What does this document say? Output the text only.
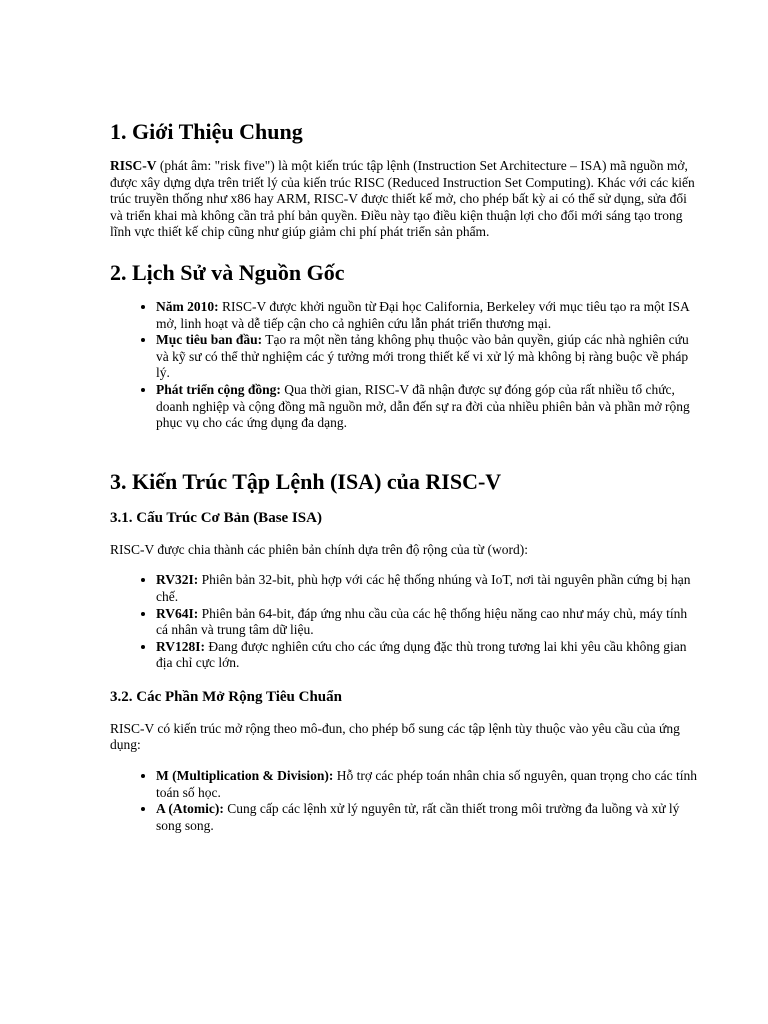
1. Giới Thiệu Chung

RISC-V (phát âm: "risk five") là một kiến trúc tập lệnh (Instruction Set Architecture – ISA) mã nguồn mở, được xây dựng dựa trên triết lý của kiến trúc RISC (Reduced Instruction Set Computing). Khác với các kiến trúc truyền thống như x86 hay ARM, RISC-V được thiết kế mở, cho phép bất kỳ ai có thể sử dụng, sửa đổi và triển khai mà không cần trả phí bản quyền. Điều này tạo điều kiện thuận lợi cho đổi mới sáng tạo trong lĩnh vực thiết kế chip cũng như giúp giảm chi phí phát triển sản phẩm.

2. Lịch Sử và Nguồn Gốc
• Năm 2010: RISC-V được khởi nguồn từ Đại học California, Berkeley với mục tiêu tạo ra một ISA mở, linh hoạt và dễ tiếp cận cho cả nghiên cứu lẫn phát triển thương mại.
• Mục tiêu ban đầu: Tạo ra một nền tảng không phụ thuộc vào bản quyền, giúp các nhà nghiên cứu và kỹ sư có thể thử nghiệm các ý tưởng mới trong thiết kế vi xử lý mà không bị ràng buộc về pháp lý.
• Phát triển cộng đồng: Qua thời gian, RISC-V đã nhận được sự đóng góp của rất nhiều tổ chức, doanh nghiệp và cộng đồng mã nguồn mở, dẫn đến sự ra đời của nhiều phiên bản và phần mở rộng phục vụ cho các ứng dụng đa dạng.
3. Kiến Trúc Tập Lệnh (ISA) của RISC-V
3.1. Cấu Trúc Cơ Bản (Base ISA)

RISC-V được chia thành các phiên bản chính dựa trên độ rộng của từ (word):

• RV32I: Phiên bản 32-bit, phù hợp với các hệ thống nhúng và IoT, nơi tài nguyên phần cứng bị hạn chế.
• RV64I: Phiên bản 64-bit, đáp ứng nhu cầu của các hệ thống hiệu năng cao như máy chủ, máy tính cá nhân và trung tâm dữ liệu.
• RV128I: Đang được nghiên cứu cho các ứng dụng đặc thù trong tương lai khi yêu cầu không gian địa chỉ cực lớn.
3.2. Các Phần Mở Rộng Tiêu Chuẩn

RISC-V có kiến trúc mở rộng theo mô-đun, cho phép bổ sung các tập lệnh tùy thuộc vào yêu cầu của ứng dụng:

• M (Multiplication & Division): Hỗ trợ các phép toán nhân chia số nguyên, quan trọng cho các tính toán số học.
• A (Atomic): Cung cấp các lệnh xử lý nguyên tử, rất cần thiết trong môi trường đa luồng và xử lý song song.
